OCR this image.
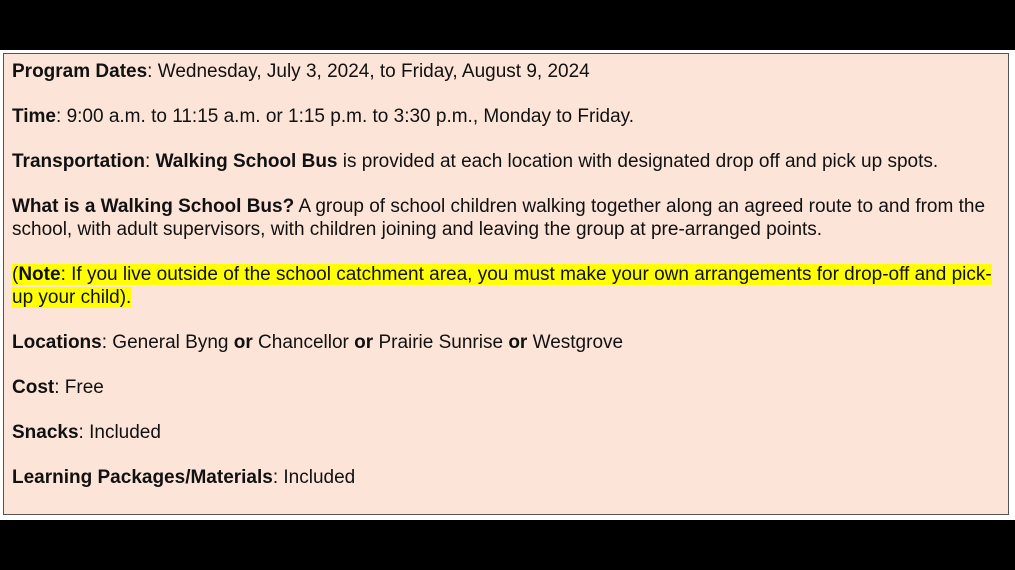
Program Dates: Wednesday, July 3, 2024, to Friday, August 9, 2024

Time: 9:00 a.m. to 11:15 a.m. or 1:15 p.m. to 3:30 p.m., Monday to Friday.

Transportation: Walking School Bus is provided at each location with designated drop off and pick up spots.

What is a Walking School Bus? A group of school children walking together along an agreed route to and from the school, with adult supervisors, with children joining and leaving the group at pre-arranged points.

(Note: If you live outside of the school catchment area, you must make your own arrangements for drop-off and pick-up your child).

Locations: General Byng or Chancellor or Prairie Sunrise or Westgrove

Cost: Free

Snacks: Included

Learning Packages/Materials: Included
